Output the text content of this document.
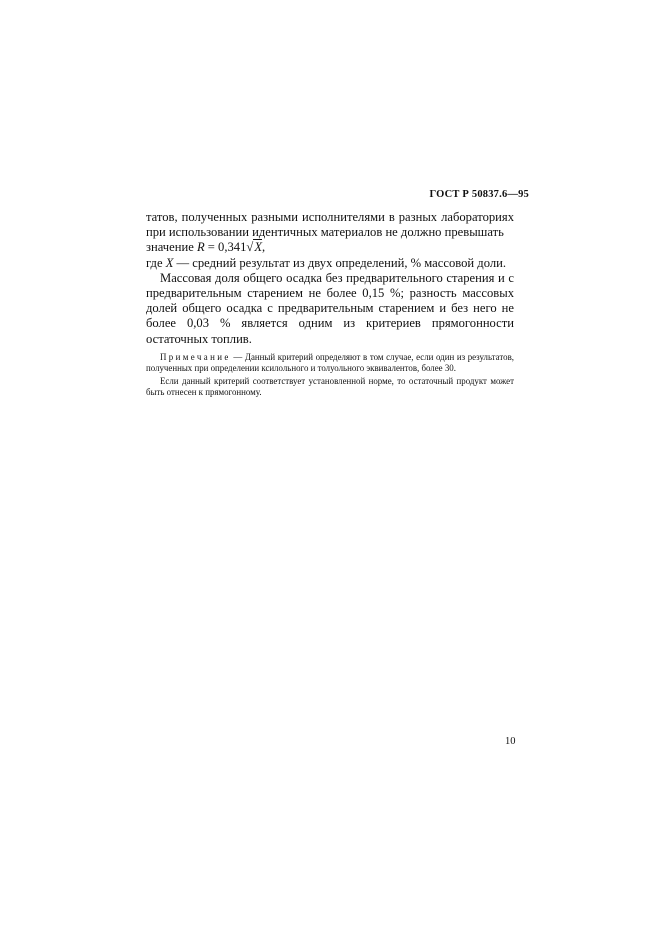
ГОСТ Р 50837.6—95

татов, полученных разными исполнителями в разных лабораториях при использовании идентичных материалов не должно превышать

значение R = 0,341√X,

где X — средний результат из двух определений, % массовой доли.

Массовая доля общего осадка без предварительного старения и с предварительным старением не более 0,15 %; разность массовых долей общего осадка с предварительным старением и без него не более 0,03 % является одним из критериев прямогонности остаточных топлив.

Примечание — Данный критерий определяют в том случае, если один из результатов, полученных при определении ксилольного и толуольного эквивалентов, более 30.

Если данный критерий соответствует установленной норме, то остаточный продукт может быть отнесен к прямогонному.

10
